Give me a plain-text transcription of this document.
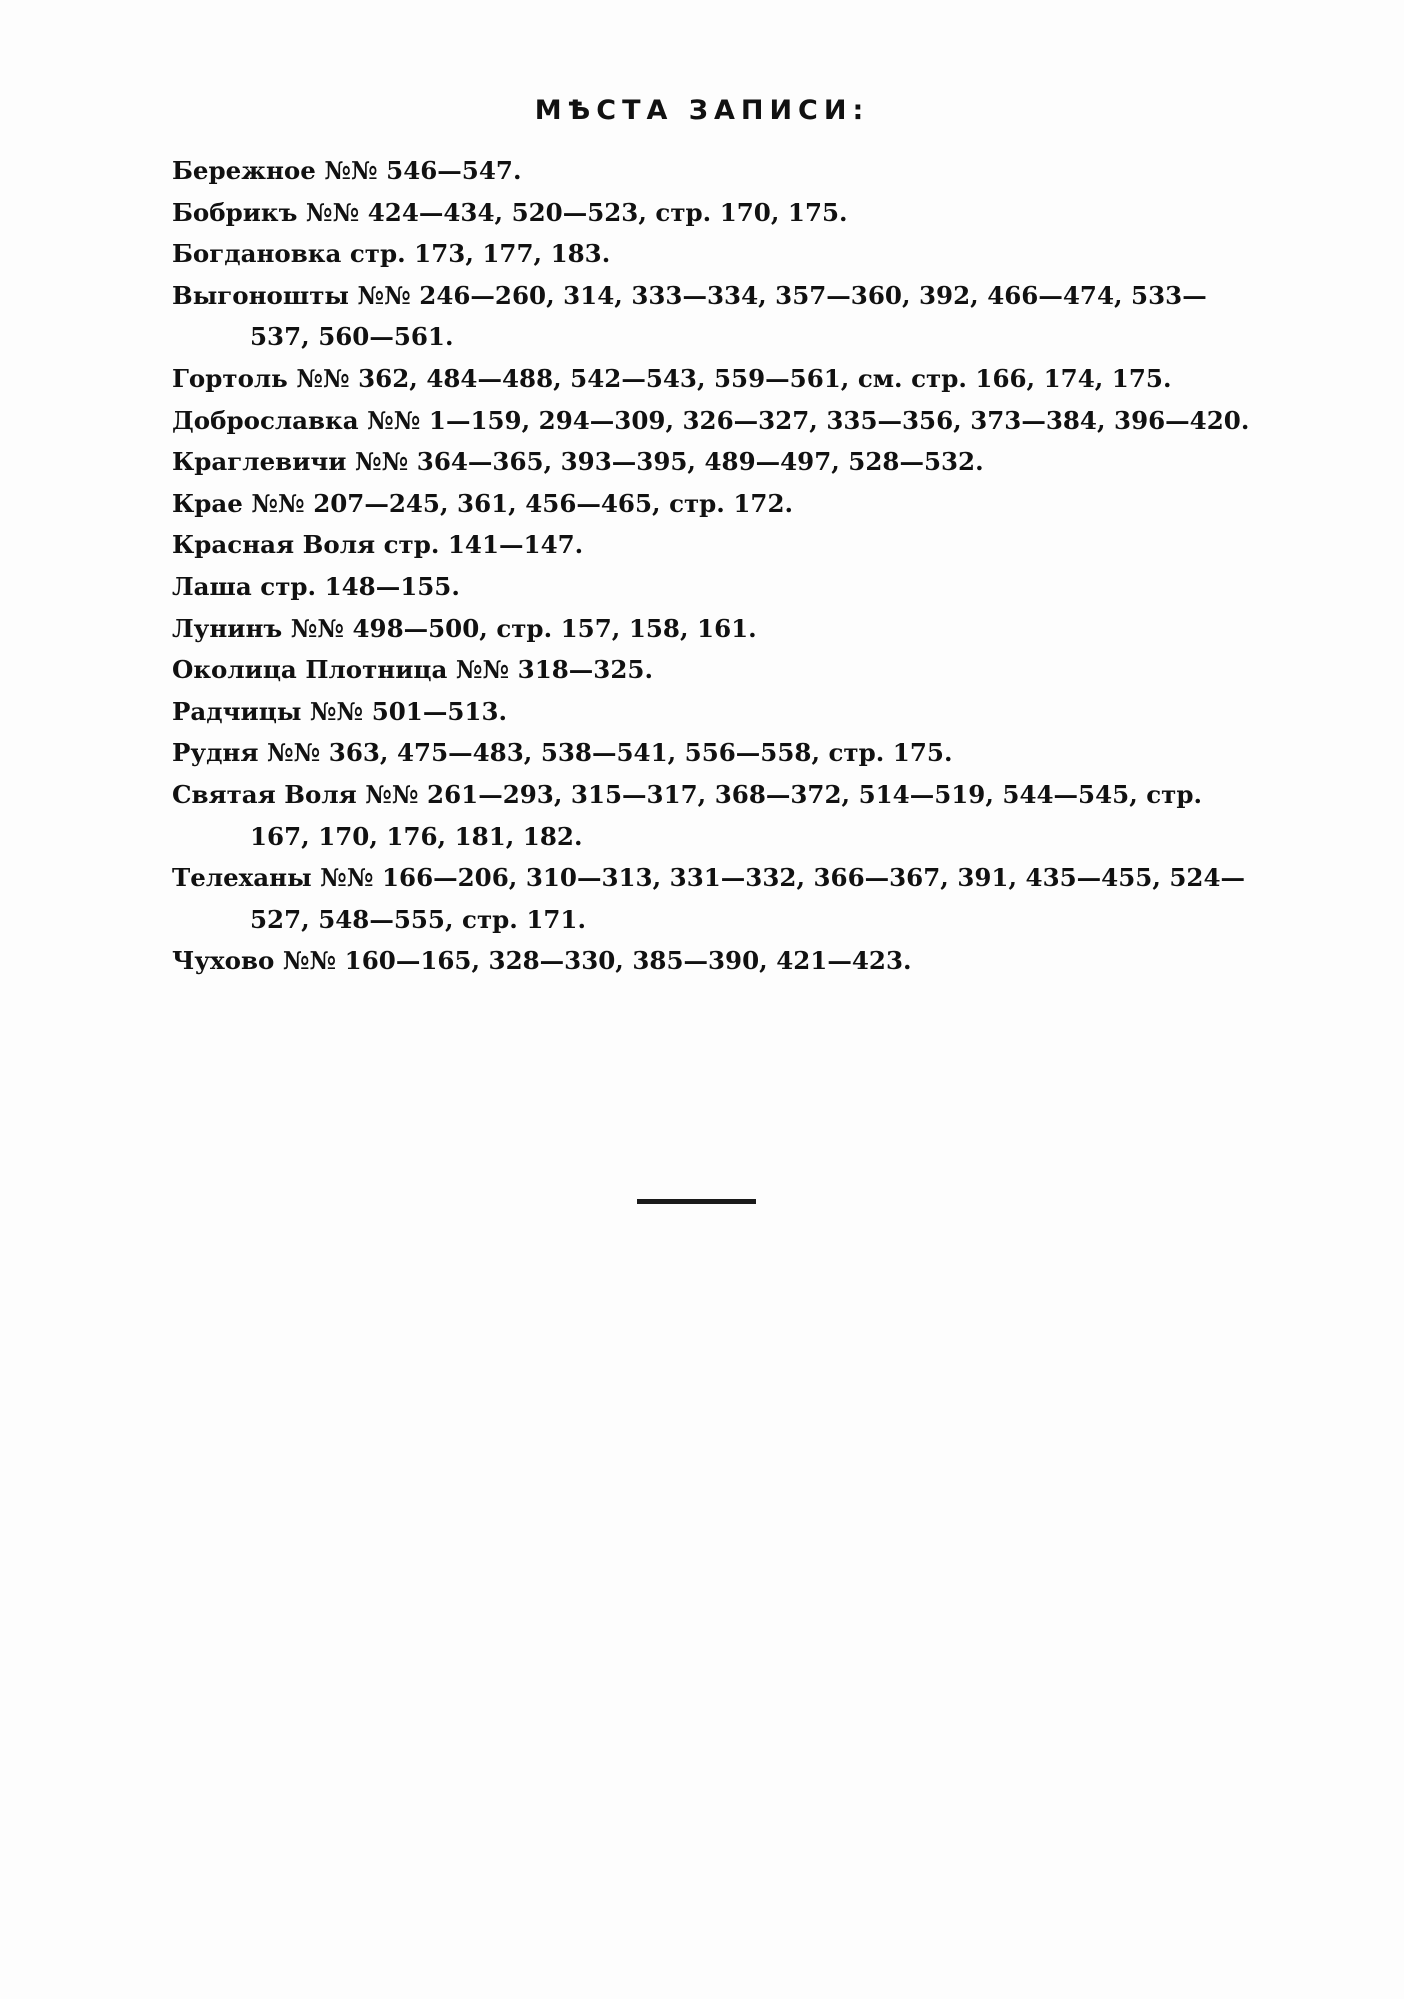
МѢСТА ЗАПИСИ:
Бережное №№ 546—547.
Бобрикъ №№ 424—434, 520—523, стр. 170, 175.
Богдановка стр. 173, 177, 183.
Выгоношты №№ 246—260, 314, 333—334, 357—360, 392, 466—474, 533—537, 560—561.
Гортоль №№ 362, 484—488, 542—543, 559—561, см. стр. 166, 174, 175.
Доброславка №№ 1—159, 294—309, 326—327, 335—356, 373—384, 396—420.
Краглевичи №№ 364—365, 393—395, 489—497, 528—532.
Крае №№ 207—245, 361, 456—465, стр. 172.
Красная Воля стр. 141—147.
Лаша стр. 148—155.
Лунинъ №№ 498—500, стр. 157, 158, 161.
Околица Плотница №№ 318—325.
Радчицы №№ 501—513.
Рудня №№ 363, 475—483, 538—541, 556—558, стр. 175.
Святая Воля №№ 261—293, 315—317, 368—372, 514—519, 544—545, стр. 167, 170, 176, 181, 182.
Телеханы №№ 166—206, 310—313, 331—332, 366—367, 391, 435—455, 524—527, 548—555, стр. 171.
Чухово №№ 160—165, 328—330, 385—390, 421—423.
